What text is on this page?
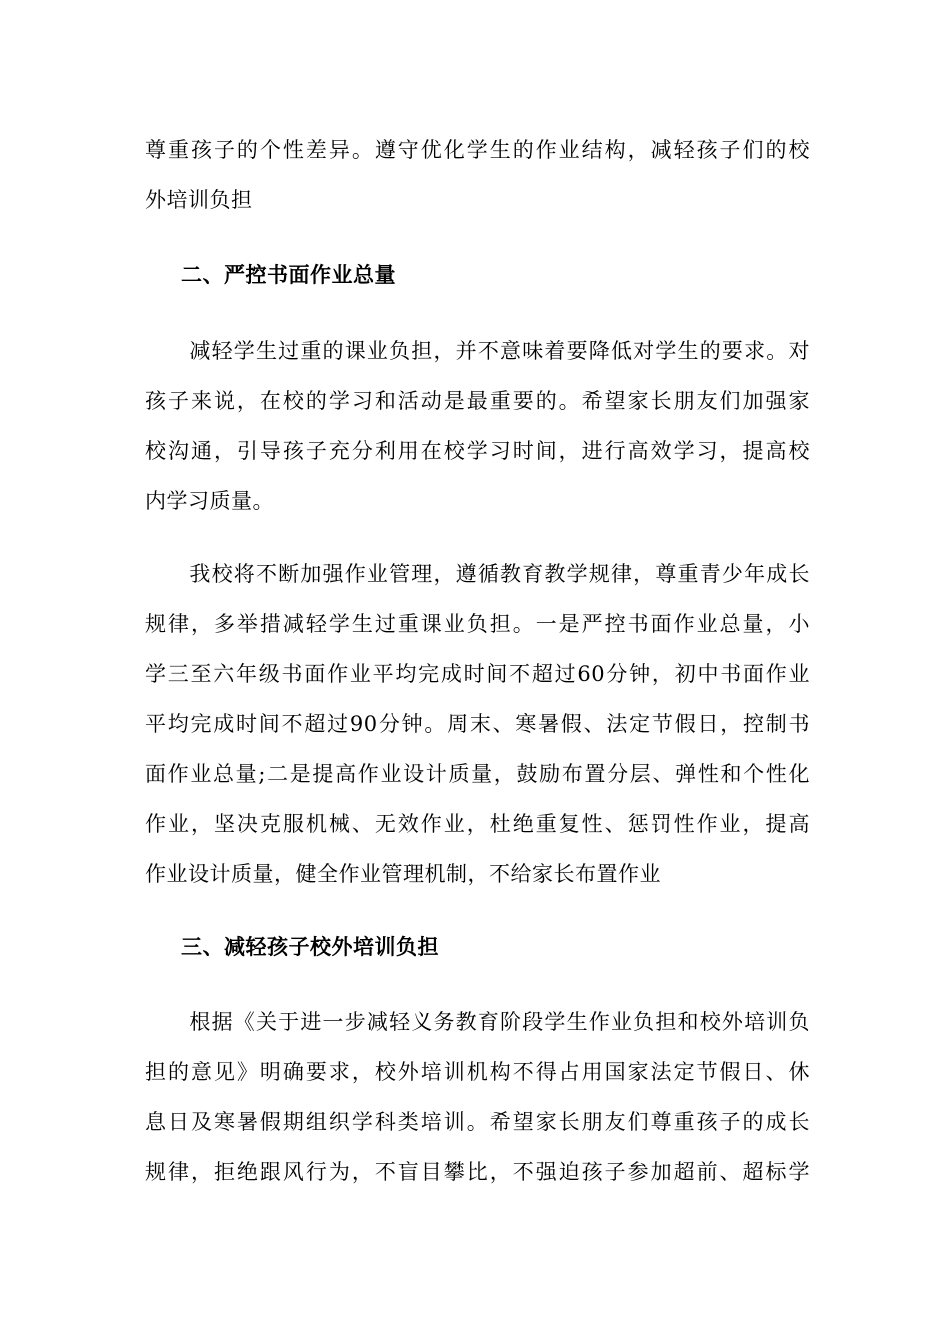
尊重孩子的个性差异。遵守优化学生的作业结构，减轻孩子们的校
外培训负担
二、严控书面作业总量
　　减轻学生过重的课业负担，并不意味着要降低对学生的要求。对
孩子来说，在校的学习和活动是最重要的。希望家长朋友们加强家
校沟通，引导孩子充分利用在校学习时间，进行高效学习，提高校
内学习质量。
　　我校将不断加强作业管理，遵循教育教学规律，尊重青少年成长
规律，多举措减轻学生过重课业负担。一是严控书面作业总量，小
学三至六年级书面作业平均完成时间不超过60分钟，初中书面作业
平均完成时间不超过90分钟。周末、寒暑假、法定节假日，控制书
面作业总量;二是提高作业设计质量，鼓励布置分层、弹性和个性化
作业，坚决克服机械、无效作业，杜绝重复性、惩罚性作业，提高
作业设计质量，健全作业管理机制，不给家长布置作业
三、减轻孩子校外培训负担
　　根据《关于进一步减轻义务教育阶段学生作业负担和校外培训负
担的意见》明确要求，校外培训机构不得占用国家法定节假日、休
息日及寒暑假期组织学科类培训。希望家长朋友们尊重孩子的成长
规律，拒绝跟风行为，不盲目攀比，不强迫孩子参加超前、超标学
